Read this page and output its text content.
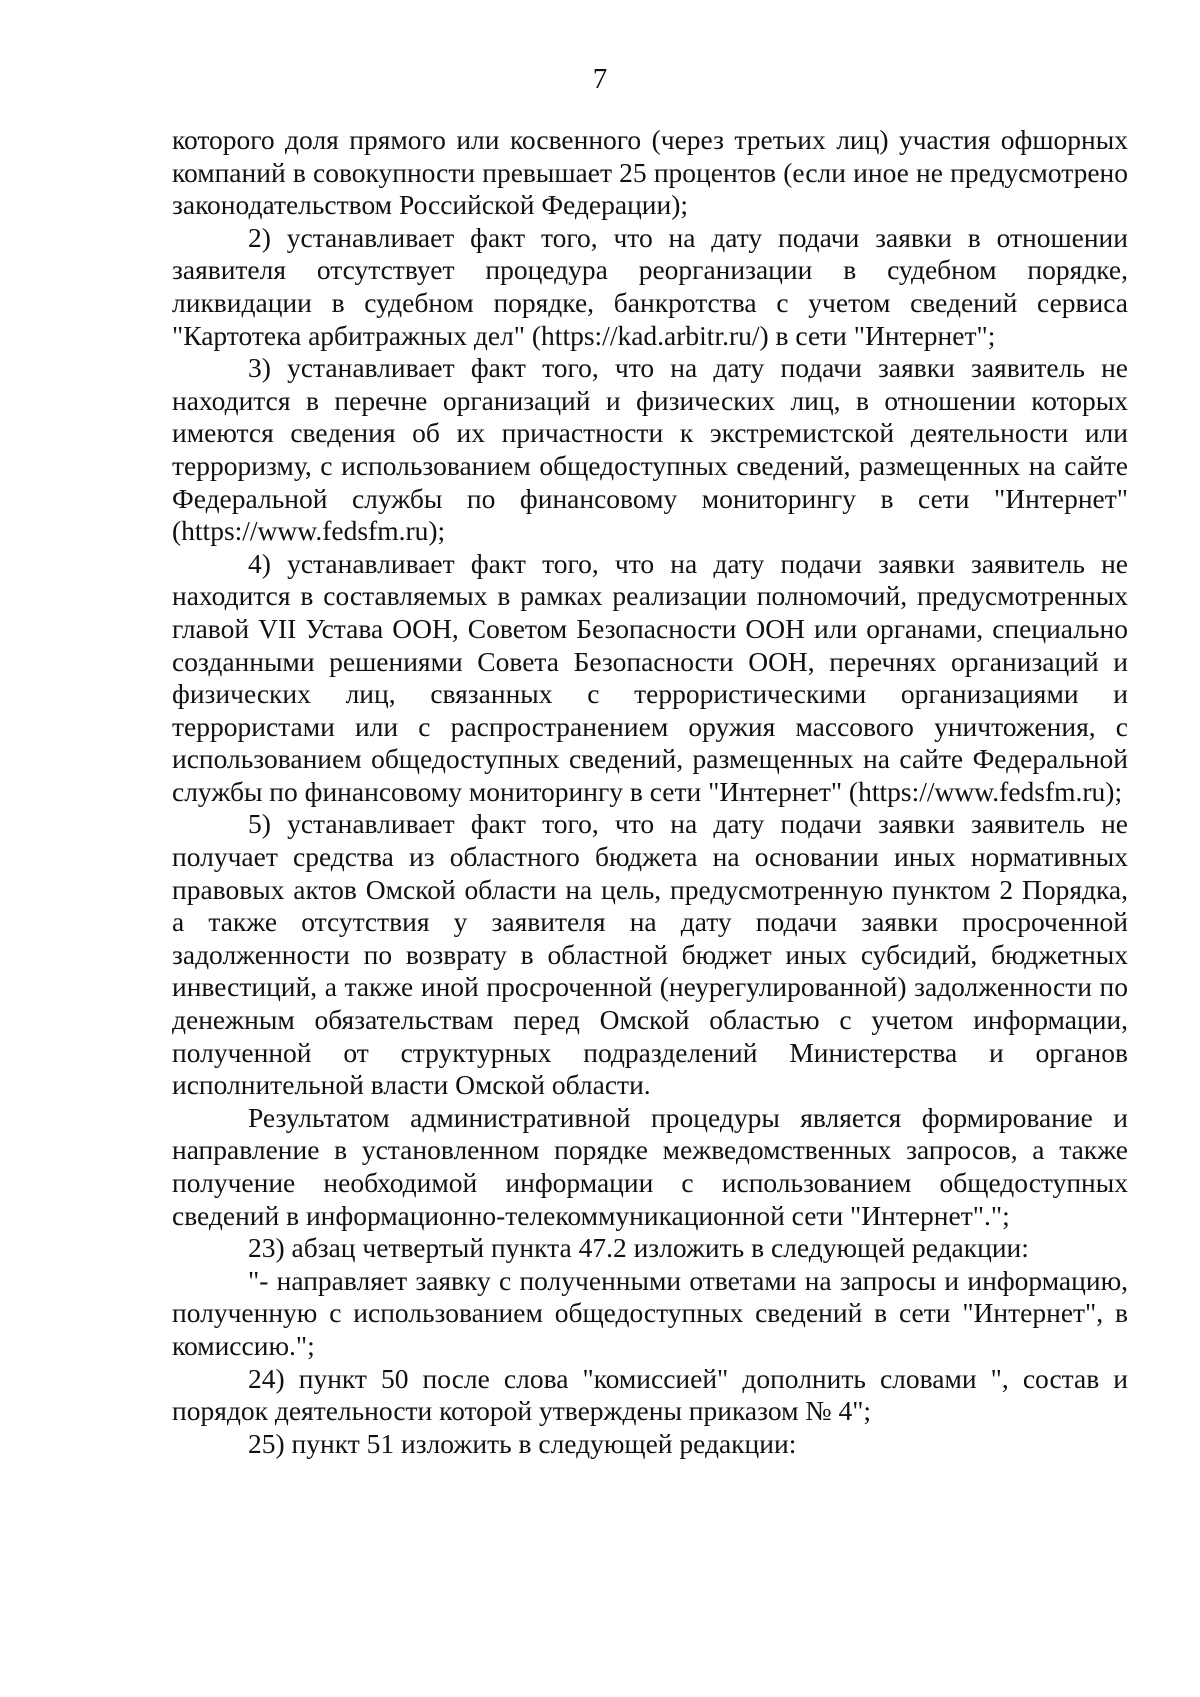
7

которого доля прямого или косвенного (через третьих лиц) участия офшорных компаний в совокупности превышает 25 процентов (если иное не предусмотрено законодательством Российской Федерации);

2) устанавливает факт того, что на дату подачи заявки в отношении заявителя отсутствует процедура реорганизации в судебном порядке, ликвидации в судебном порядке, банкротства с учетом сведений сервиса "Картотека арбитражных дел" (https://kad.arbitr.ru/) в сети "Интернет";

3) устанавливает факт того, что на дату подачи заявки заявитель не находится в перечне организаций и физических лиц, в отношении которых имеются сведения об их причастности к экстремистской деятельности или терроризму, с использованием общедоступных сведений, размещенных на сайте Федеральной службы по финансовому мониторингу в сети "Интернет" (https://www.fedsfm.ru);

4) устанавливает факт того, что на дату подачи заявки заявитель не находится в составляемых в рамках реализации полномочий, предусмотренных главой VII Устава ООН, Советом Безопасности ООН или органами, специально созданными решениями Совета Безопасности ООН, перечнях организаций и физических лиц, связанных с террористическими организациями и террористами или с распространением оружия массового уничтожения, с использованием общедоступных сведений, размещенных на сайте Федеральной службы по финансовому мониторингу в сети "Интернет" (https://www.fedsfm.ru);

5) устанавливает факт того, что на дату подачи заявки заявитель не получает средства из областного бюджета на основании иных нормативных правовых актов Омской области на цель, предусмотренную пунктом 2 Порядка, а также отсутствия у заявителя на дату подачи заявки просроченной задолженности по возврату в областной бюджет иных субсидий, бюджетных инвестиций, а также иной просроченной (неурегулированной) задолженности по денежным обязательствам перед Омской областью с учетом информации, полученной от структурных подразделений Министерства и органов исполнительной власти Омской области.

Результатом административной процедуры является формирование и направление в установленном порядке межведомственных запросов, а также получение необходимой информации с использованием общедоступных сведений в информационно-телекоммуникационной сети "Интернет".";

23) абзац четвертый пункта 47.2 изложить в следующей редакции:

"- направляет заявку с полученными ответами на запросы и информацию, полученную с использованием общедоступных сведений в сети "Интернет", в комиссию.";

24) пункт 50 после слова "комиссией" дополнить словами ", состав и порядок деятельности которой утверждены приказом № 4";

25) пункт 51 изложить в следующей редакции:
